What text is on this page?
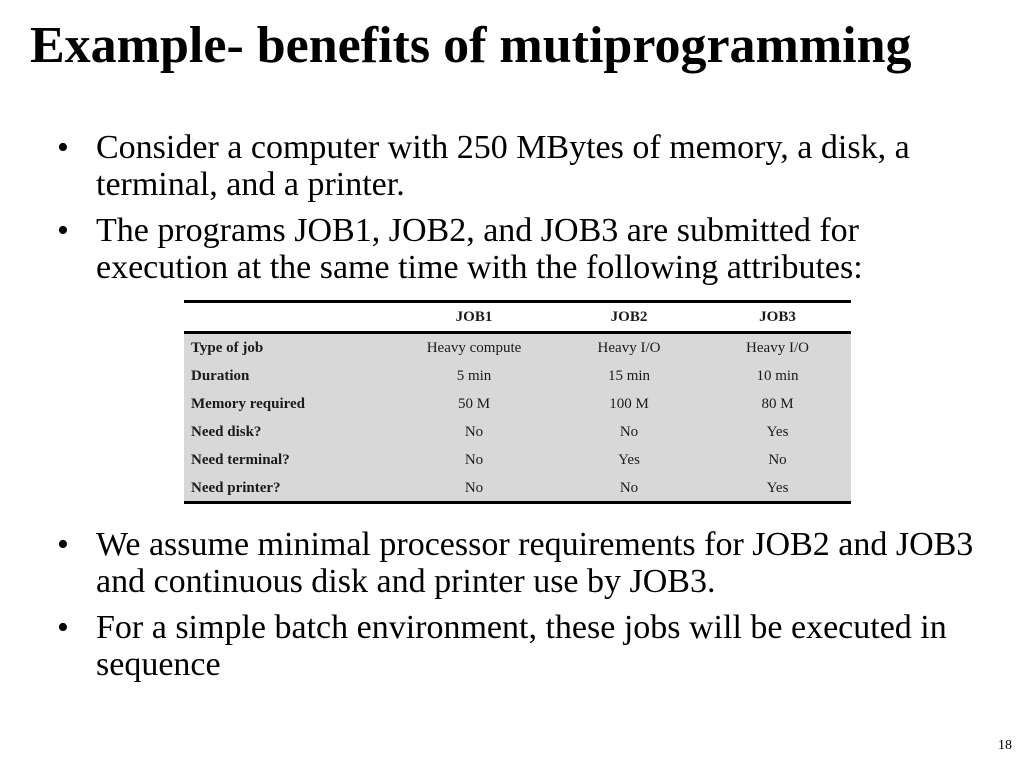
Example- benefits of mutiprogramming
• Consider a computer with 250 MBytes of memory, a disk, a terminal, and a printer.
• The programs JOB1, JOB2, and JOB3 are submitted for execution at the same time with the following attributes:
	JOB1	JOB2	JOB3
Type of job	Heavy compute	Heavy I/O	Heavy I/O
Duration	5 min	15 min	10 min
Memory required	50 M	100 M	80 M
Need disk?	No	No	Yes
Need terminal?	No	Yes	No
Need printer?	No	No	Yes
• We assume minimal processor requirements for JOB2 and JOB3 and continuous disk and printer use by JOB3.
• For a simple batch environment, these jobs will be executed in sequence
18
